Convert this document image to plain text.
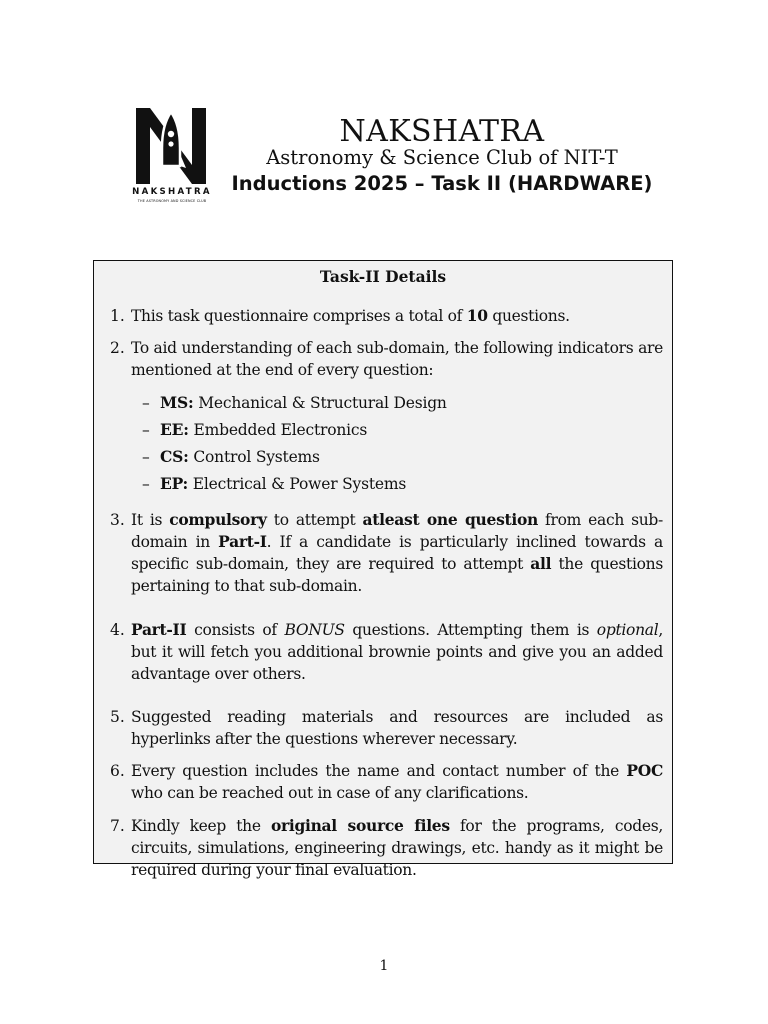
NAKSHATRA
THE ASTRONOMY AND SCIENCE CLUB
NAKSHATRA
Astronomy & Science Club of NIT-T
Inductions 2025 – Task II (HARDWARE)
Task-II Details
1. This task questionnaire comprises a total of 10 questions.
2. To aid understanding of each sub-domain, the following indicators are mentioned at the end of every question:
– MS: Mechanical & Structural Design
– EE: Embedded Electronics
– CS: Control Systems
– EP: Electrical & Power Systems
3. It is compulsory to attempt atleast one question from each sub-domain in Part-I. If a candidate is particularly inclined towards a specific sub-domain, they are required to attempt all the questions pertaining to that sub-domain.
4. Part-II consists of BONUS questions. Attempting them is optional, but it will fetch you additional brownie points and give you an added advantage over others.
5. Suggested reading materials and resources are included as hyperlinks after the questions wherever necessary.
6. Every question includes the name and contact number of the POC who can be reached out in case of any clarifications.
7. Kindly keep the original source files for the programs, codes, circuits, simulations, engineering drawings, etc. handy as it might be required during your final evaluation.
1
